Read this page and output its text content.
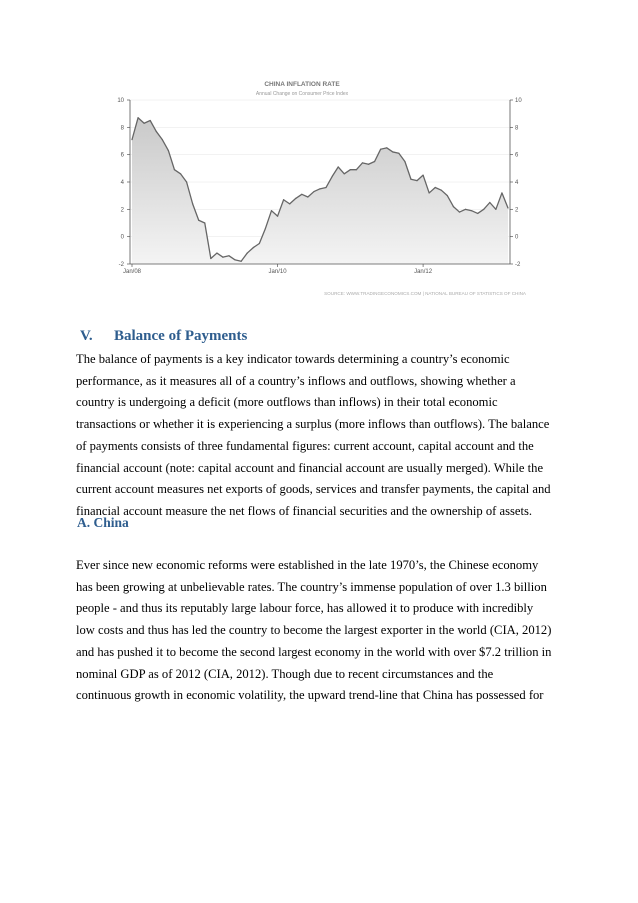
CHINA INFLATION RATE
Annual Change on Consumer Price Index
10	10
8	8
6	6
4	4
2	2
0	0
-2	-2
Jan/08	Jan/10	Jan/12
SOURCE: WWW.TRADINGECONOMICS.COM | NATIONAL BUREAU OF STATISTICS OF CHINA
V. Balance of Payments
The balance of payments is a key indicator towards determining a country’s economic
performance, as it measures all of a country’s inflows and outflows, showing whether a
country is undergoing a deficit (more outflows than inflows) in their total economic
transactions or whether it is experiencing a surplus (more inflows than outflows). The balance
of payments consists of three fundamental figures: current account, capital account and the
financial account (note: capital account and financial account are usually merged). While the
current account measures net exports of goods, services and transfer payments, the capital and
financial account measure the net flows of financial securities and the ownership of assets.
A. China
Ever since new economic reforms were established in the late 1970’s, the Chinese economy
has been growing at unbelievable rates. The country’s immense population of over 1.3 billion
people - and thus its reputably large labour force, has allowed it to produce with incredibly
low costs and thus has led the country to become the largest exporter in the world (CIA, 2012)
and has pushed it to become the second largest economy in the world with over $7.2 trillion in
nominal GDP as of 2012 (CIA, 2012). Though due to recent circumstances and the
continuous growth in economic volatility, the upward trend-line that China has possessed for
